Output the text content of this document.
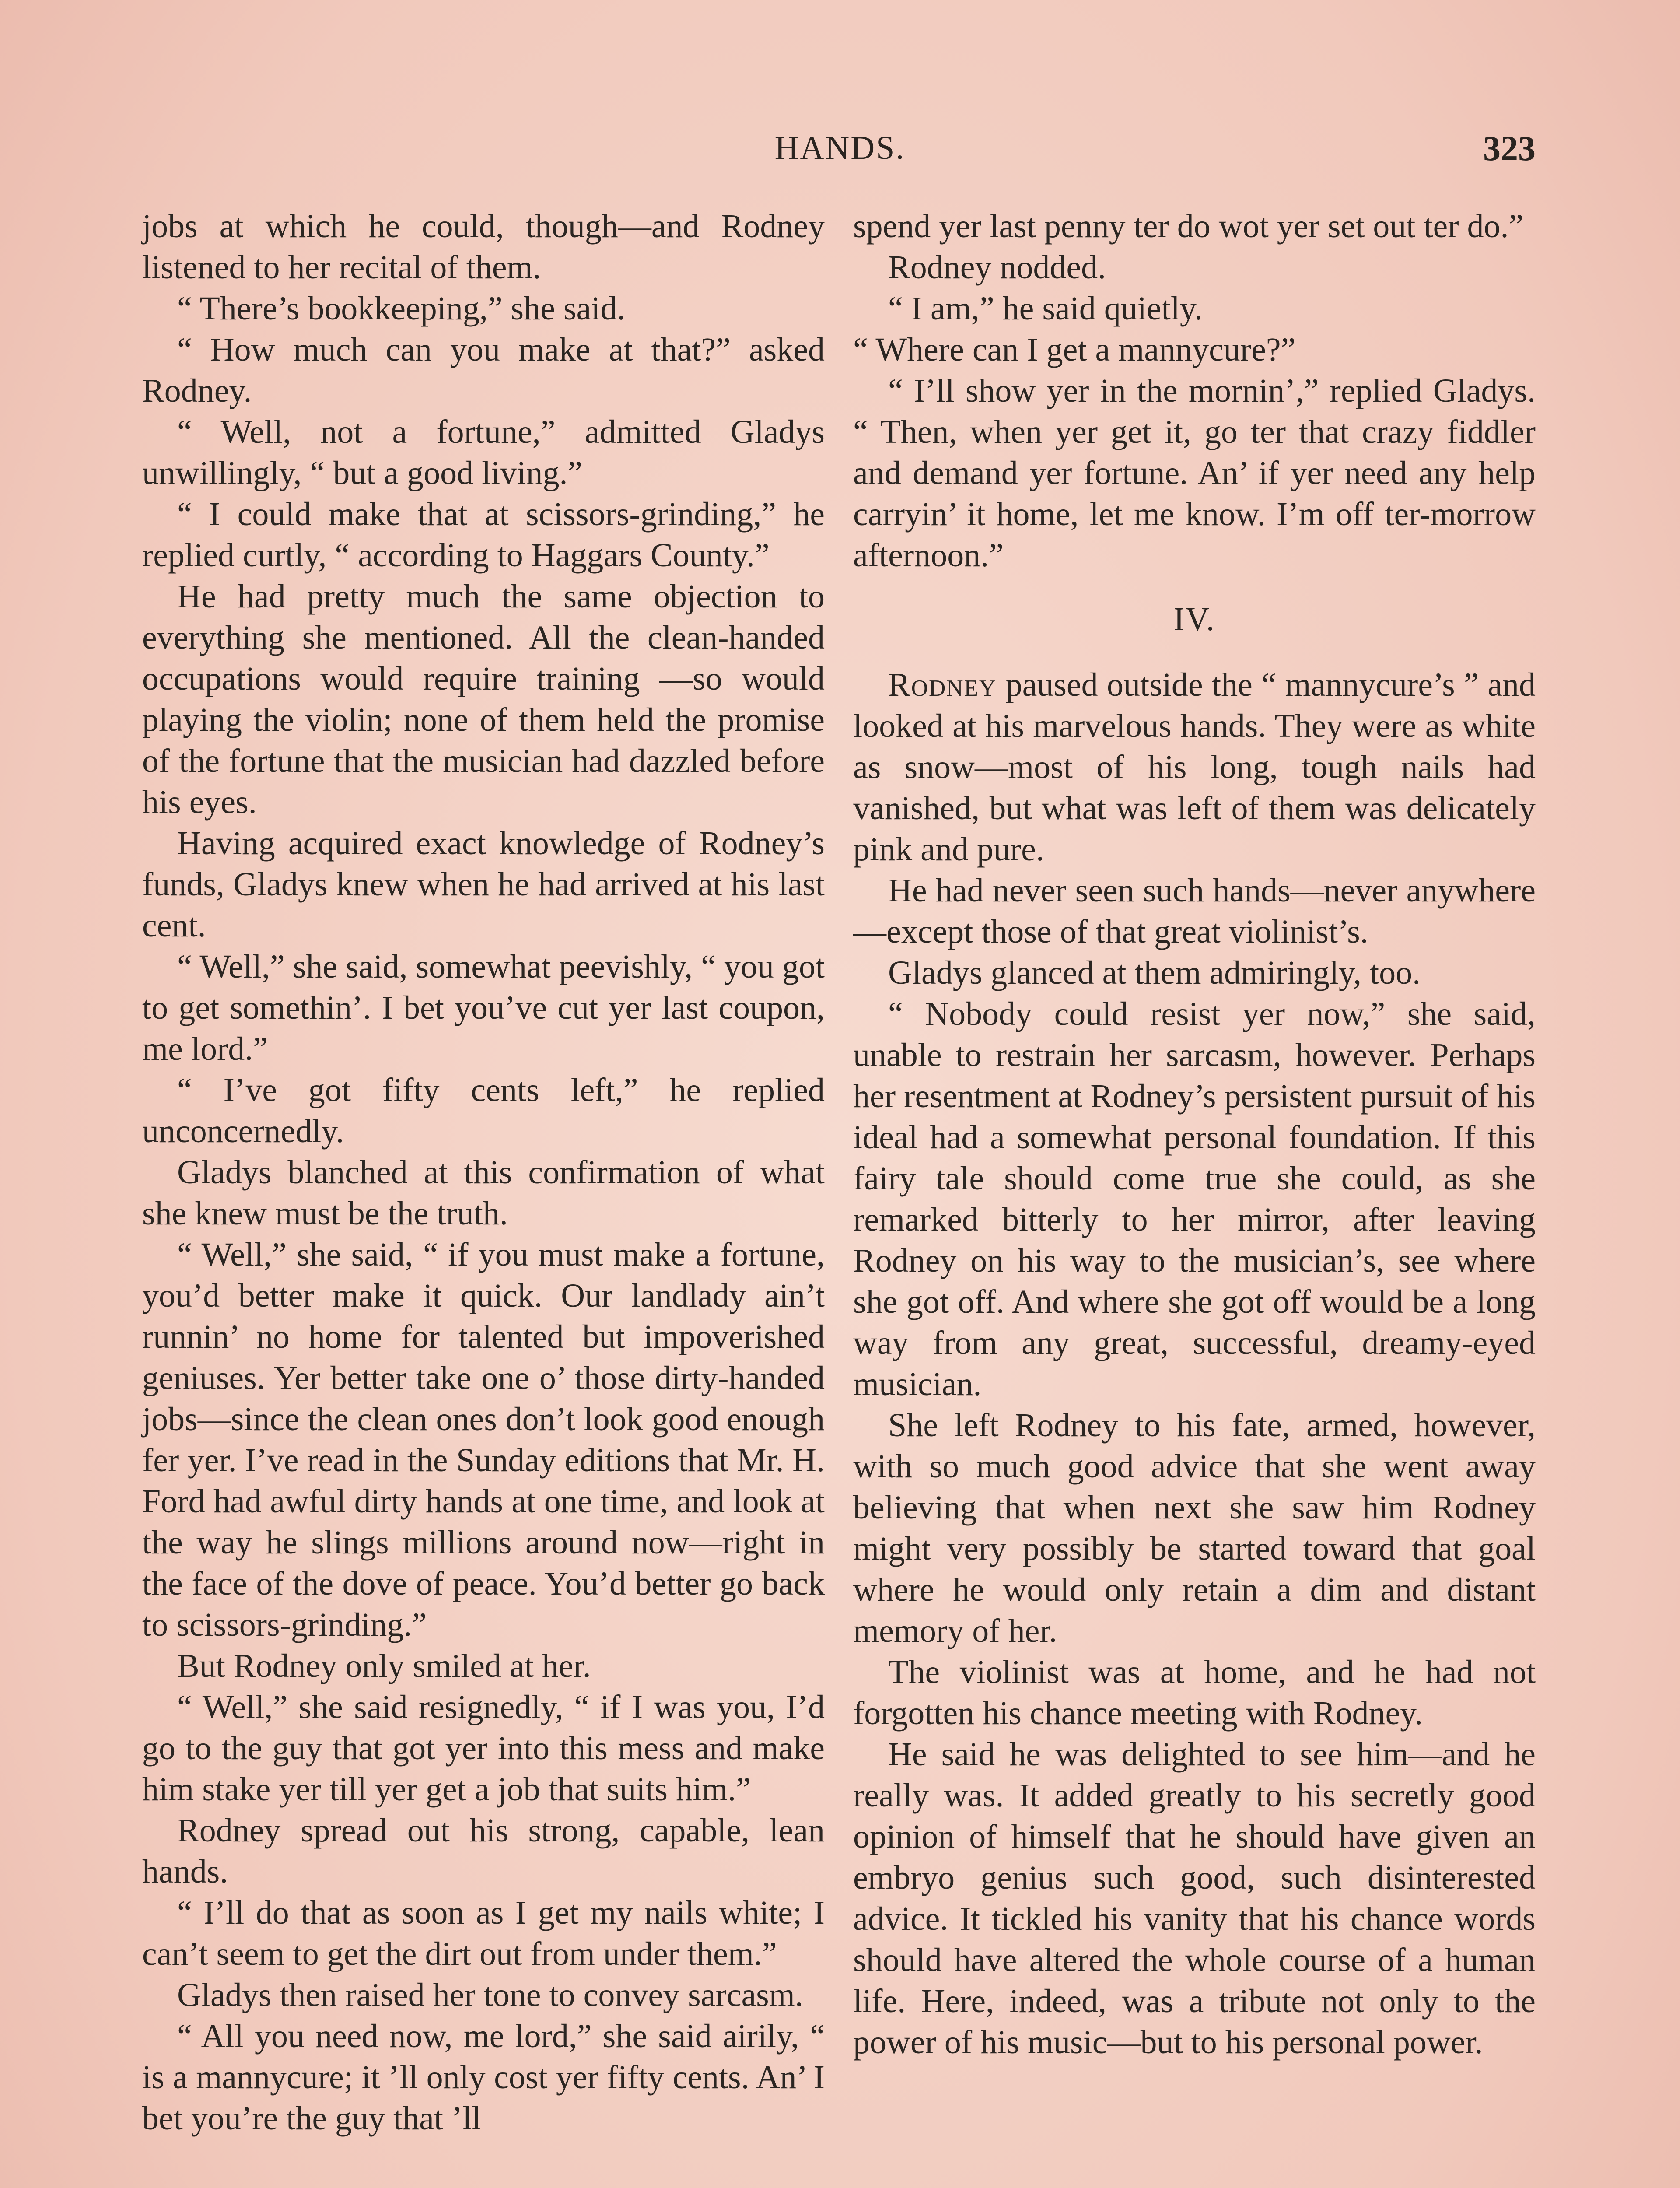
HANDS.	323

jobs at which he could, though—and Rodney listened to her recital of them.

“ There’s bookkeeping,” she said.

“ How much can you make at that?” asked Rodney.

“ Well, not a fortune,” admitted Gladys unwillingly, “ but a good living.”

“ I could make that at scissors-grinding,” he replied curtly, “ according to Haggars County.”

He had pretty much the same objection to everything she mentioned. All the clean-handed occupations would require training —so would playing the violin; none of them held the promise of the fortune that the musician had dazzled before his eyes.

Having acquired exact knowledge of Rodney’s funds, Gladys knew when he had arrived at his last cent.

“ Well,” she said, somewhat peevishly, “ you got to get somethin’. I bet you’ve cut yer last coupon, me lord.”

“ I’ve got fifty cents left,” he replied unconcernedly.

Gladys blanched at this confirmation of what she knew must be the truth.

“ Well,” she said, “ if you must make a fortune, you’d better make it quick. Our landlady ain’t runnin’ no home for talented but impoverished geniuses. Yer better take one o’ those dirty-handed jobs—since the clean ones don’t look good enough fer yer. I’ve read in the Sunday editions that Mr. H. Ford had awful dirty hands at one time, and look at the way he slings millions around now—right in the face of the dove of peace. You’d better go back to scissors-grinding.”

But Rodney only smiled at her.

“ Well,” she said resignedly, “ if I was you, I’d go to the guy that got yer into this mess and make him stake yer till yer get a job that suits him.”

Rodney spread out his strong, capable, lean hands.

“ I’ll do that as soon as I get my nails white; I can’t seem to get the dirt out from under them.”

Gladys then raised her tone to convey sarcasm.

“ All you need now, me lord,” she said airily, “ is a mannycure; it ’ll only cost yer fifty cents. An’ I bet you’re the guy that ’ll

spend yer last penny ter do wot yer set out ter do.”

Rodney nodded.

“ I am,” he said quietly.

“ Where can I get a mannycure?”

“ I’ll show yer in the mornin’,” replied Gladys. “ Then, when yer get it, go ter that crazy fiddler and demand yer fortune. An’ if yer need any help carryin’ it home, let me know. I’m off ter-morrow afternoon.”

IV.

Rodney paused outside the “ mannycure’s ” and looked at his marvelous hands. They were as white as snow—most of his long, tough nails had vanished, but what was left of them was delicately pink and pure.

He had never seen such hands—never anywhere—except those of that great violinist’s.

Gladys glanced at them admiringly, too.

“ Nobody could resist yer now,” she said, unable to restrain her sarcasm, however. Perhaps her resentment at Rodney’s persistent pursuit of his ideal had a somewhat personal foundation. If this fairy tale should come true she could, as she remarked bitterly to her mirror, after leaving Rodney on his way to the musician’s, see where she got off. And where she got off would be a long way from any great, successful, dreamy-eyed musician.

She left Rodney to his fate, armed, however, with so much good advice that she went away believing that when next she saw him Rodney might very possibly be started toward that goal where he would only retain a dim and distant memory of her.

The violinist was at home, and he had not forgotten his chance meeting with Rodney.

He said he was delighted to see him—and he really was. It added greatly to his secretly good opinion of himself that he should have given an embryo genius such good, such disinterested advice. It tickled his vanity that his chance words should have altered the whole course of a human life. Here, indeed, was a tribute not only to the power of his music—but to his personal power.
